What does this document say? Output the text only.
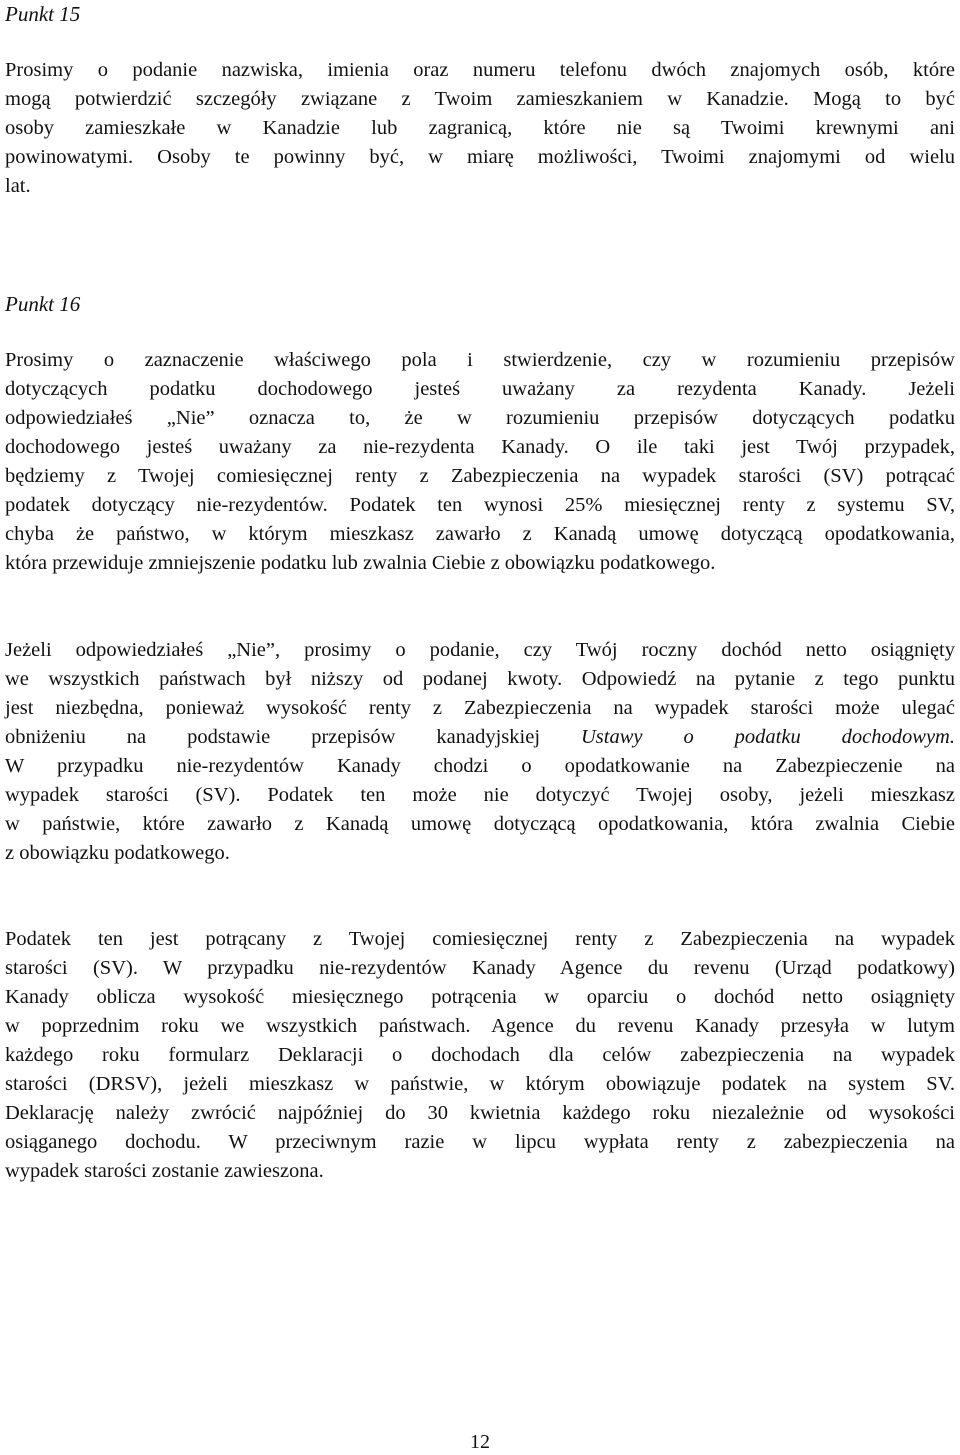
Punkt 15
Prosimy o podanie nazwiska, imienia oraz numeru telefonu dwóch znajomych osób, które
mogą potwierdzić szczegóły związane z Twoim zamieszkaniem w Kanadzie. Mogą to być
osoby zamieszkałe w Kanadzie lub zagranicą, które nie są Twoimi krewnymi ani
powinowatymi. Osoby te powinny być, w miarę możliwości, Twoimi znajomymi od wielu
lat.
Punkt 16
Prosimy o zaznaczenie właściwego pola i stwierdzenie, czy w rozumieniu przepisów
dotyczących podatku dochodowego jesteś uważany za rezydenta Kanady. Jeżeli
odpowiedziałeś „Nie” oznacza to, że w rozumieniu przepisów dotyczących podatku
dochodowego jesteś uważany za nie-rezydenta Kanady. O ile taki jest Twój przypadek,
będziemy z Twojej comiesięcznej renty z Zabezpieczenia na wypadek starości (SV) potrącać
podatek dotyczący nie-rezydentów. Podatek ten wynosi 25% miesięcznej renty z systemu SV,
chyba że państwo, w którym mieszkasz zawarło z Kanadą umowę dotyczącą opodatkowania,
która przewiduje zmniejszenie podatku lub zwalnia Ciebie z obowiązku podatkowego.
Jeżeli odpowiedziałeś „Nie”, prosimy o podanie, czy Twój roczny dochód netto osiągnięty
we wszystkich państwach był niższy od podanej kwoty. Odpowiedź na pytanie z tego punktu
jest niezbędna, ponieważ wysokość renty z Zabezpieczenia na wypadek starości może ulegać
obniżeniu na podstawie przepisów kanadyjskiej Ustawy o podatku dochodowym.
W przypadku nie-rezydentów Kanady chodzi o opodatkowanie na Zabezpieczenie na
wypadek starości (SV). Podatek ten może nie dotyczyć Twojej osoby, jeżeli mieszkasz
w państwie, które zawarło z Kanadą umowę dotyczącą opodatkowania, która zwalnia Ciebie
z obowiązku podatkowego.
Podatek ten jest potrącany z Twojej comiesięcznej renty z Zabezpieczenia na wypadek
starości (SV). W przypadku nie-rezydentów Kanady Agence du revenu (Urząd podatkowy)
Kanady oblicza wysokość miesięcznego potrącenia w oparciu o dochód netto osiągnięty
w poprzednim roku we wszystkich państwach. Agence du revenu Kanady przesyła w lutym
każdego roku formularz Deklaracji o dochodach dla celów zabezpieczenia na wypadek
starości (DRSV), jeżeli mieszkasz w państwie, w którym obowiązuje podatek na system SV.
Deklarację należy zwrócić najpóźniej do 30 kwietnia każdego roku niezależnie od wysokości
osiąganego dochodu. W przeciwnym razie w lipcu wypłata renty z zabezpieczenia na
wypadek starości zostanie zawieszona.
12
